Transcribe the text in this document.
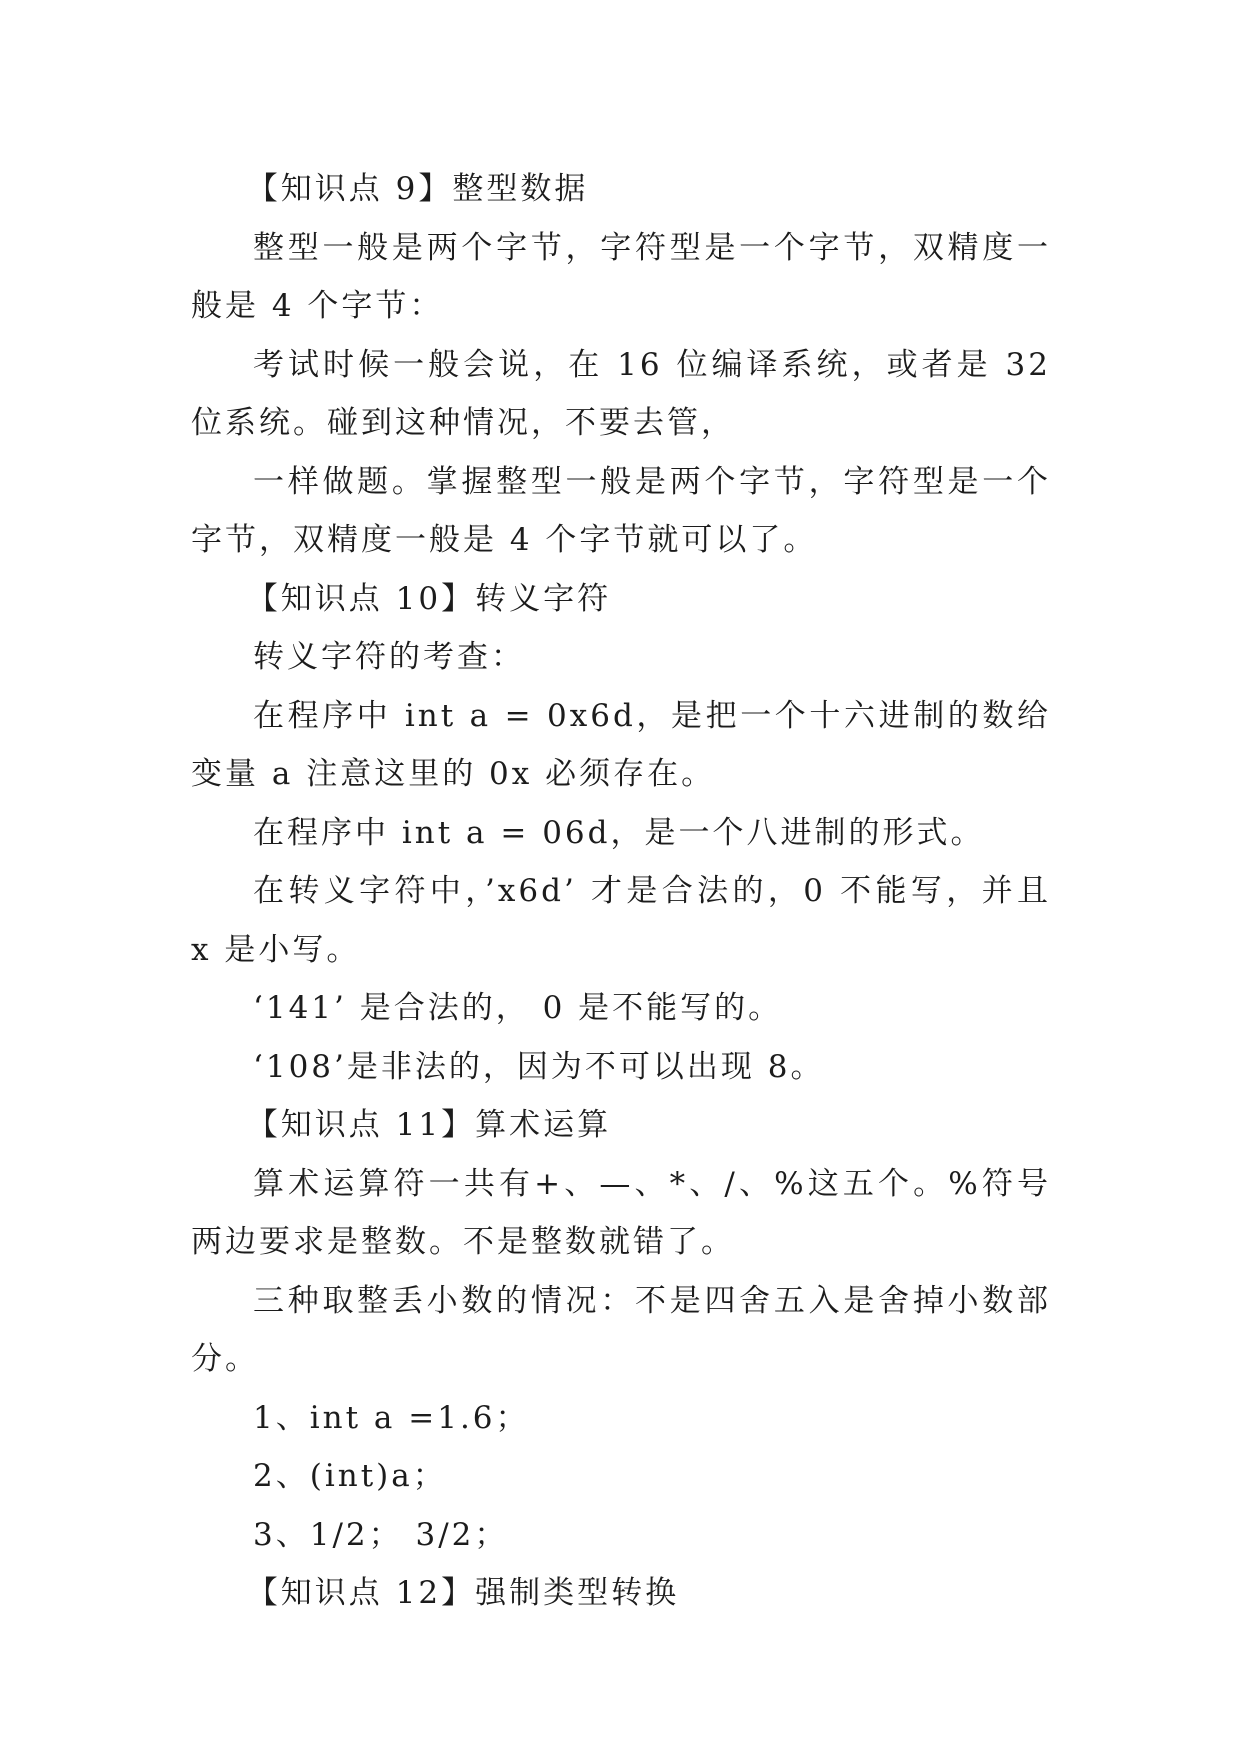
【知识点 9】整型数据

整型一般是两个字节，字符型是一个字节，双精度一般是 4 个字节：

考试时候一般会说，在 16 位编译系统，或者是 32 位系统。碰到这种情况，不要去管，

一样做题。掌握整型一般是两个字节，字符型是一个字节，双精度一般是 4 个字节就可以了。

【知识点 10】转义字符

转义字符的考查：

在程序中 int a = 0x6d，是把一个十六进制的数给变量 a 注意这里的 0x 必须存在。

在程序中 int a = 06d，是一个八进制的形式。

在转义字符中，’x6d’ 才是合法的，0 不能写，并且 x 是小写。

‘141’ 是合法的， 0 是不能写的。

‘108’是非法的，因为不可以出现 8。

【知识点 11】算术运算

算术运算符一共有+、—、*、/、%这五个。%符号两边要求是整数。不是整数就错了。

三种取整丢小数的情况：不是四舍五入是舍掉小数部分。

1、int a =1.6；

2、(int)a；

3、1/2； 3/2；

【知识点 12】强制类型转换
